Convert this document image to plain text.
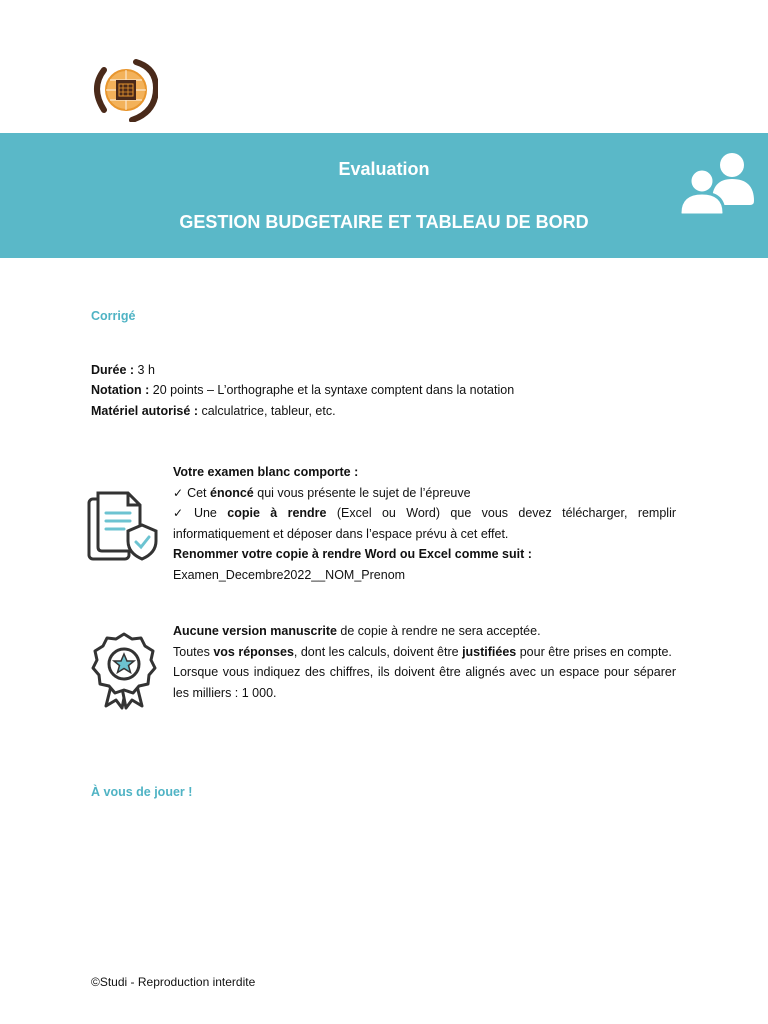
Evaluation
GESTION BUDGETAIRE ET TABLEAU DE BORD
Corrigé
Durée : 3 h
Notation : 20 points – L’orthographe et la syntaxe comptent dans la notation
Matériel autorisé : calculatrice, tableur, etc.
Votre examen blanc comporte :
✓ Cet énoncé qui vous présente le sujet de l’épreuve
✓ Une copie à rendre (Excel ou Word) que vous devez télécharger, remplir informatiquement et déposer dans l’espace prévu à cet effet.
Renommer votre copie à rendre Word ou Excel comme suit :
Examen_Decembre2022__NOM_Prenom
Aucune version manuscrite de copie à rendre ne sera acceptée.
Toutes vos réponses, dont les calculs, doivent être justifiées pour être prises en compte.
Lorsque vous indiquez des chiffres, ils doivent être alignés avec un espace pour séparer les milliers : 1 000.
À vous de jouer !
©Studi - Reproduction interdite
